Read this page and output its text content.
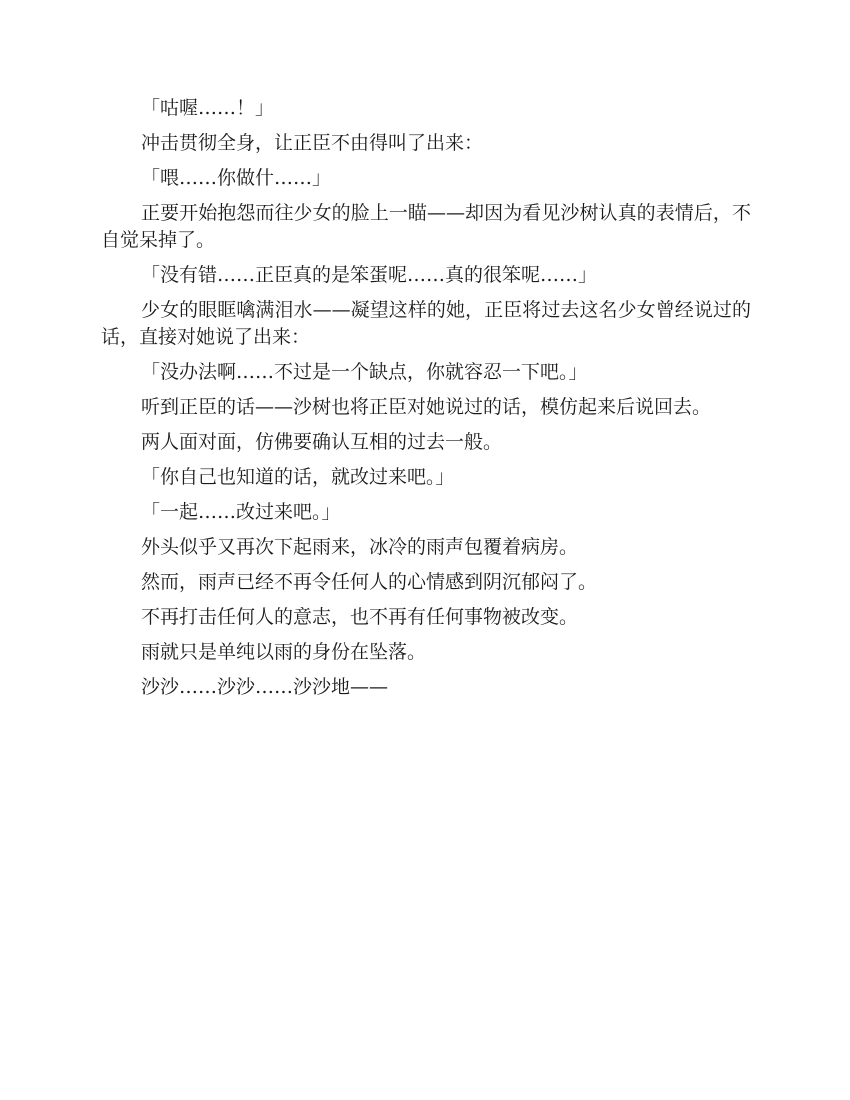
「咕喔……！」

冲击贯彻全身，让正臣不由得叫了出来：

「喂……你做什……」

正要开始抱怨而往少女的脸上一瞄——却因为看见沙树认真的表情后，不自觉呆掉了。

「没有错……正臣真的是笨蛋呢……真的很笨呢……」

少女的眼眶噙满泪水——凝望这样的她，正臣将过去这名少女曾经说过的话，直接对她说了出来：

「没办法啊……不过是一个缺点，你就容忍一下吧。」

听到正臣的话——沙树也将正臣对她说过的话，模仿起来后说回去。

两人面对面，仿佛要确认互相的过去一般。

「你自己也知道的话，就改过来吧。」

「一起……改过来吧。」

外头似乎又再次下起雨来，冰冷的雨声包覆着病房。

然而，雨声已经不再令任何人的心情感到阴沉郁闷了。

不再打击任何人的意志，也不再有任何事物被改变。

雨就只是单纯以雨的身份在坠落。

沙沙……沙沙……沙沙地——
